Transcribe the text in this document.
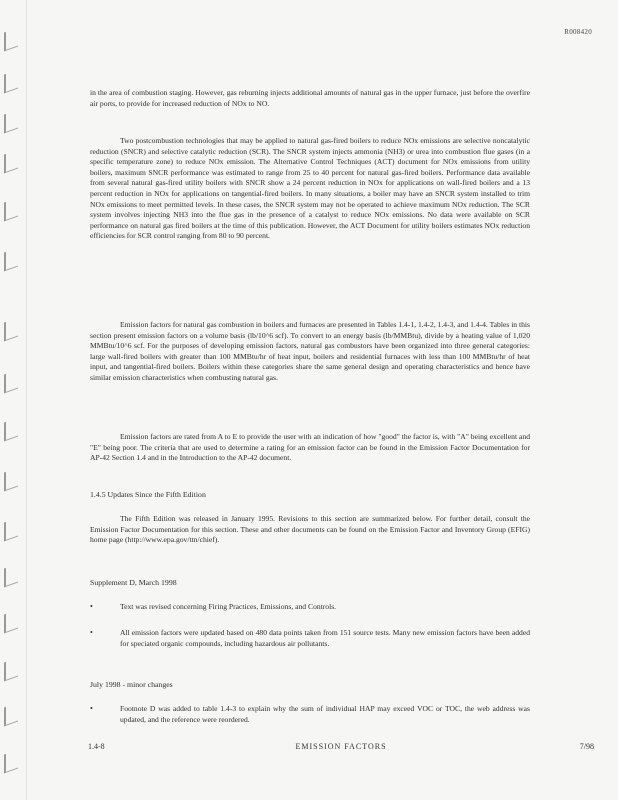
R008420

in the area of combustion staging. However, gas reburning injects additional amounts of natural gas in the upper furnace, just before the overfire air ports, to provide for increased reduction of NOx to NO.

Two postcombustion technologies that may be applied to natural gas-fired boilers to reduce NOx emissions are selective noncatalytic reduction (SNCR) and selective catalytic reduction (SCR). The SNCR system injects ammonia (NH3) or urea into combustion flue gases (in a specific temperature zone) to reduce NOx emission. The Alternative Control Techniques (ACT) document for NOx emissions from utility boilers, maximum SNCR performance was estimated to range from 25 to 40 percent for natural gas-fired boilers. Performance data available from several natural gas-fired utility boilers with SNCR show a 24 percent reduction in NOx for applications on wall-fired boilers and a 13 percent reduction in NOx for applications on tangential-fired boilers. In many situations, a boiler may have an SNCR system installed to trim NOx emissions to meet permitted levels. In these cases, the SNCR system may not be operated to achieve maximum NOx reduction. The SCR system involves injecting NH3 into the flue gas in the presence of a catalyst to reduce NOx emissions. No data were available on SCR performance on natural gas fired boilers at the time of this publication. However, the ACT Document for utility boilers estimates NOx reduction efficiencies for SCR control ranging from 80 to 90 percent.

Emission factors for natural gas combustion in boilers and furnaces are presented in Tables 1.4-1, 1.4-2, 1.4-3, and 1.4-4. Tables in this section present emission factors on a volume basis (lb/10^6 scf). To convert to an energy basis (lb/MMBtu), divide by a heating value of 1,020 MMBtu/10^6 scf. For the purposes of developing emission factors, natural gas combustors have been organized into three general categories: large wall-fired boilers with greater than 100 MMBtu/hr of heat input, boilers and residential furnaces with less than 100 MMBtu/hr of heat input, and tangential-fired boilers. Boilers within these categories share the same general design and operating characteristics and hence have similar emission characteristics when combusting natural gas.

Emission factors are rated from A to E to provide the user with an indication of how "good" the factor is, with "A" being excellent and "E" being poor. The criteria that are used to determine a rating for an emission factor can be found in the Emission Factor Documentation for AP-42 Section 1.4 and in the Introduction to the AP-42 document.

1.4.5 Updates Since the Fifth Edition

The Fifth Edition was released in January 1995. Revisions to this section are summarized below. For further detail, consult the Emission Factor Documentation for this section. These and other documents can be found on the Emission Factor and Inventory Group (EFIG) home page (http://www.epa.gov/ttn/chief).

Supplement D, March 1998
•	Text was revised concerning Firing Practices, Emissions, and Controls.
•	All emission factors were updated based on 480 data points taken from 151 source tests. Many new emission factors have been added for speciated organic compounds, including hazardous air pollutants.
July 1998 - minor changes
•	Footnote D was added to table 1.4-3 to explain why the sum of individual HAP may exceed VOC or TOC, the web address was updated, and the reference were reordered.
1.4-8	EMISSION FACTORS	7/98
